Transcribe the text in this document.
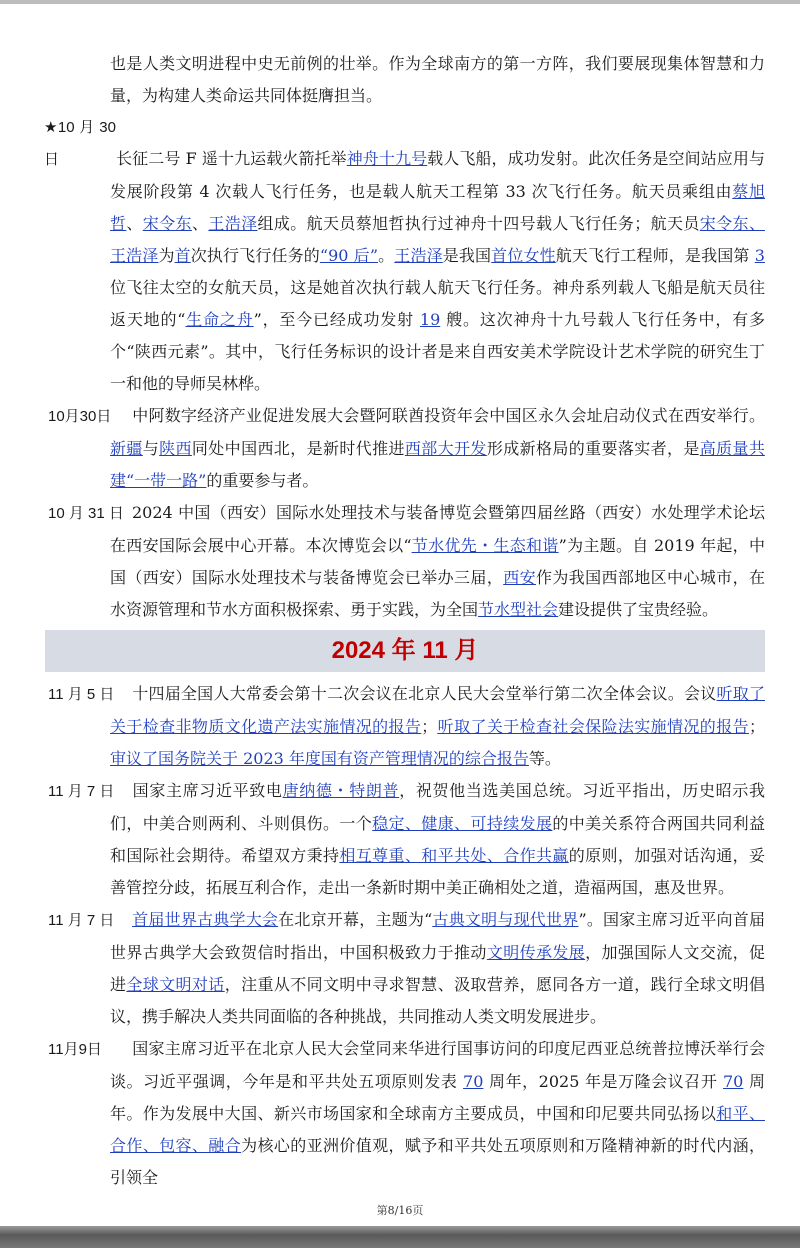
也是人类文明进程中史无前例的壮举。作为全球南方的第一方阵，我们要展现集体智慧和力量，为构建人类命运共同体挺膺担当。

★10 月 30 日	长征二号 F 遥十九运载火箭托举神舟十九号载人飞船，成功发射。此次任务是空间站应用与发展阶段第 4 次载人飞行任务，也是载人航天工程第 33 次飞行任务。航天员乘组由蔡旭哲、宋令东、王浩泽组成。航天员蔡旭哲执行过神舟十四号载人飞行任务；航天员宋令东、王浩泽为首次执行飞行任务的“90 后”。王浩泽是我国首位女性航天飞行工程师，是我国第 3 位飞往太空的女航天员，这是她首次执行载人航天飞行任务。神舟系列载人飞船是航天员往返天地的“生命之舟”，至今已经成功发射 19 艘。这次神舟十九号载人飞行任务中，有多个“陕西元素”。其中，飞行任务标识的设计者是来自西安美术学院设计艺术学院的研究生丁一和他的导师吴林桦。

10月30日 中阿数字经济产业促进发展大会暨阿联酋投资年会中国区永久会址启动仪式在西安举行。新疆与陕西同处中国西北，是新时代推进西部大开发形成新格局的重要落实者，是高质量共建“一带一路”的重要参与者。

10 月 31 日 2024 中国（西安）国际水处理技术与装备博览会暨第四届丝路（西安）水处理学术论坛在西安国际会展中心开幕。本次博览会以“节水优先・生态和谐”为主题。自 2019 年起，中国（西安）国际水处理技术与装备博览会已举办三届，西安作为我国西部地区中心城市，在水资源管理和节水方面积极探索、勇于实践，为全国节水型社会建设提供了宝贵经验。

2024 年 11 月

11 月 5 日 十四届全国人大常委会第十二次会议在北京人民大会堂举行第二次全体会议。会议听取了关于检查非物质文化遗产法实施情况的报告；听取了关于检查社会保险法实施情况的报告；审议了国务院关于 2023 年度国有资产管理情况的综合报告等。

11 月 7 日 国家主席习近平致电唐纳德・特朗普，祝贺他当选美国总统。习近平指出，历史昭示我们，中美合则两利、斗则俱伤。一个稳定、健康、可持续发展的中美关系符合两国共同利益和国际社会期待。希望双方秉持相互尊重、和平共处、合作共赢的原则，加强对话沟通，妥善管控分歧，拓展互利合作，走出一条新时期中美正确相处之道，造福两国，惠及世界。

11 月 7 日 首届世界古典学大会在北京开幕，主题为“古典文明与现代世界”。国家主席习近平向首届世界古典学大会致贺信时指出，中国积极致力于推动文明传承发展，加强国际人文交流，促进全球文明对话，注重从不同文明中寻求智慧、汲取营养，愿同各方一道，践行全球文明倡议，携手解决人类共同面临的各种挑战，共同推动人类文明发展进步。

11月9日 国家主席习近平在北京人民大会堂同来华进行国事访问的印度尼西亚总统普拉博沃举行会谈。习近平强调，今年是和平共处五项原则发表 70 周年，2025 年是万隆会议召开 70 周年。作为发展中大国、新兴市场国家和全球南方主要成员，中国和印尼要共同弘扬以和平、合作、包容、融合为核心的亚洲价值观，赋予和平共处五项原则和万隆精神新的时代内涵，引领全

第8/16页
